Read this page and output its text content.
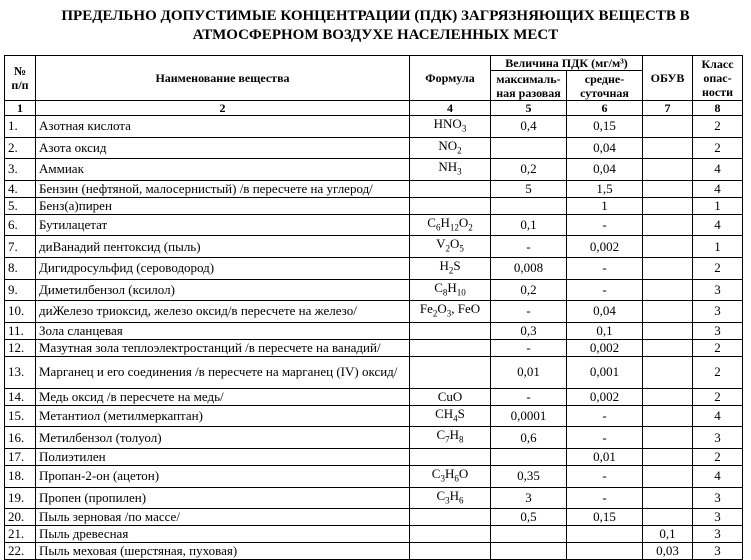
ПРЕДЕЛЬНО ДОПУСТИМЫЕ КОНЦЕНТРАЦИИ (ПДК) ЗАГРЯЗНЯЮЩИХ ВЕЩЕСТВ В
АТМОСФЕРНОМ ВОЗДУХЕ НАСЕЛЕННЫХ МЕСТ
№ п/п	Наименование вещества	Формула	Величина ПДК (мг/м³)		ОБУВ	Класс опас-ности
			максималь-ная разовая	средне-суточная		
1	2	4	5	6	7	8
1.	Азотная кислота	$HNO_3$	0,4	0,15		2
2.	Азота оксид	$NO_2$		0,04		2
3.	Аммиак	$NH_3$	0,2	0,04		4
4.	Бензин (нефтяной, малосернистый) /в пересчете на углерод/		5	1,5		4
5.	Бенз(а)пирен			1		1
6.	Бутилацетат	$C_6H_{12}O_2$	0,1	-		4
7.	диВанадий пентоксид (пыль)	$V_2O_5$	-	0,002		1
8.	Дигидросульфид (сероводород)	$H_2S$	0,008	-		2
9.	Диметилбензол (ксилол)	$C_8H_{10}$	0,2	-		3
10.	диЖелезо триоксид, железо оксид/в пересчете на железо/	$Fe_2O_3$, FeO	-	0,04		3
11.	Зола сланцевая		0,3	0,1		3
12.	Мазутная зола теплоэлектростанций /в пересчете на ванадий/		-	0,002		2
13.	Марганец и его соединения /в пересчете на марганец (IV) оксид/		0,01	0,001		2
14.	Медь оксид /в пересчете на медь/	CuO	-	0,002		2
15.	Метантиол (метилмеркаптан)	$CH_4S$	0,0001	-		4
16.	Метилбензол (толуол)	$C_7H_8$	0,6	-		3
17.	Полиэтилен			0,01		2
18.	Пропан-2-он (ацетон)	$C_3H_6O$	0,35	-		4
19.	Пропен (пропилен)	$C_3H_6$	3	-		3
20.	Пыль зерновая /по массе/		0,5	0,15		3
21.	Пыль древесная				0,1	3
22.	Пыль меховая (шерстяная, пуховая)				0,03	3
